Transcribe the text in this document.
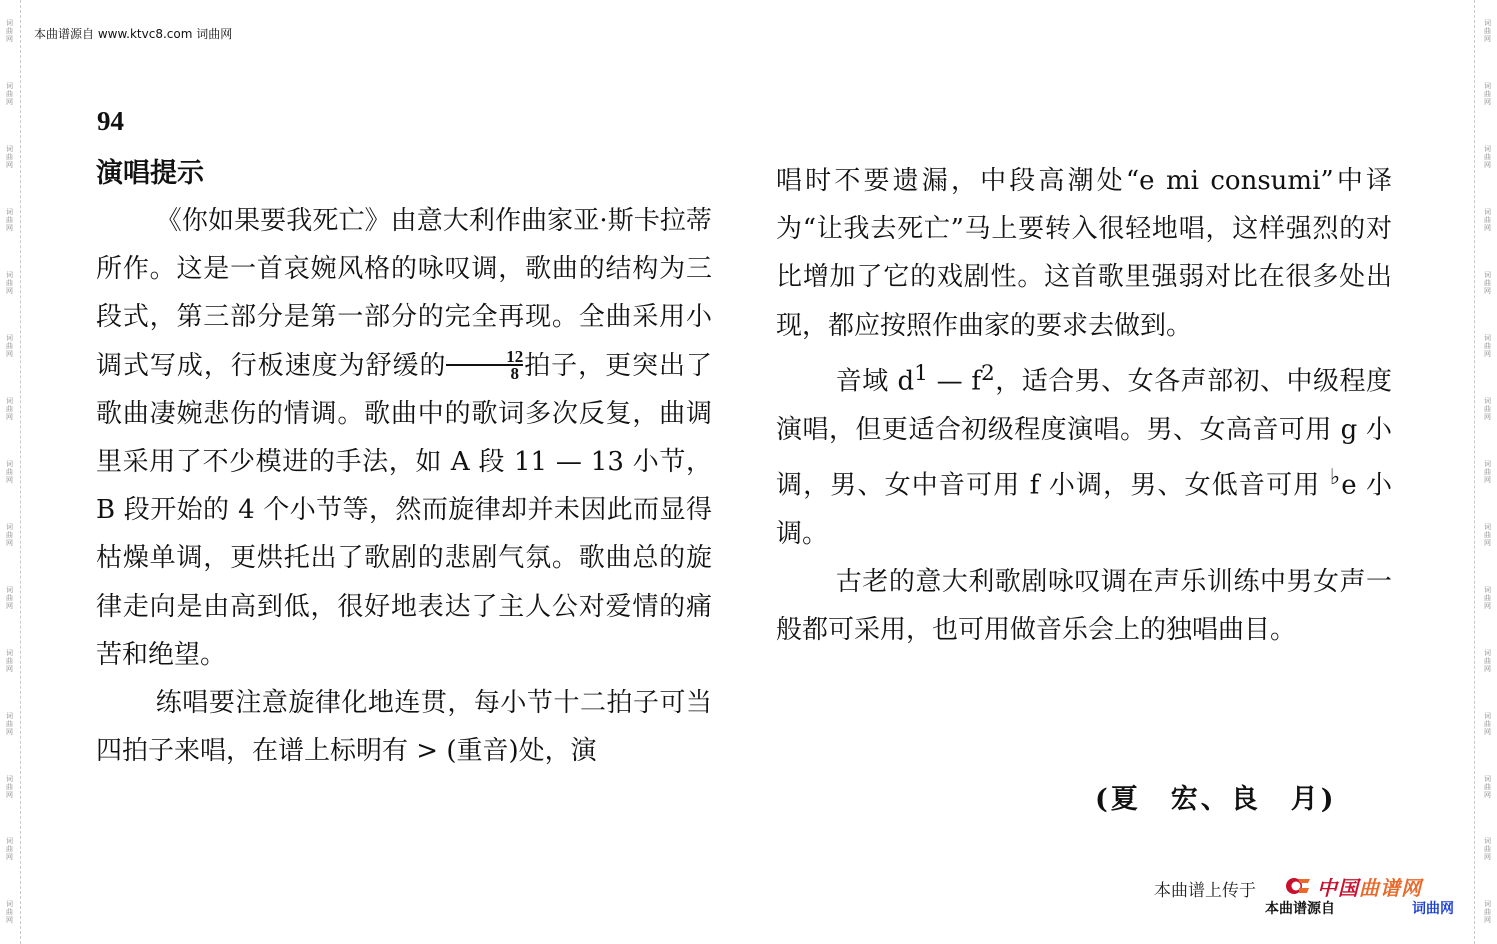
词曲网
词曲网
词曲网
词曲网
词曲网
词曲网
词曲网
词曲网
词曲网
词曲网
词曲网
词曲网
词曲网
词曲网
词曲网
词曲网
词曲网
词曲网
词曲网
词曲网
词曲网
词曲网
词曲网
词曲网
词曲网
词曲网
词曲网
词曲网
词曲网
词曲网
本曲谱源自 www.ktvc8.com 词曲网
94
演唱提示

《你如果要我死亡》由意大利作曲家亚·斯卡拉蒂所作。这是一首哀婉风格的咏叹调，歌曲的结构为三段式，第三部分是第一部分的完全再现。全曲采用小调式写成，行板速度为舒缓的 $\frac{12}{8}$ 拍子，更突出了歌曲凄婉悲伤的情调。歌曲中的歌词多次反复，曲调里采用了不少模进的手法，如 A 段 11 — 13 小节，B 段开始的 4 个小节等，然而旋律却并未因此而显得枯燥单调，更烘托出了歌剧的悲剧气氛。歌曲总的旋律走向是由高到低，很好地表达了主人公对爱情的痛苦和绝望。

练唱要注意旋律化地连贯，每小节十二拍子可当四拍子来唱，在谱上标明有 > (重音)处，演

唱时不要遗漏，中段高潮处“e mi consumi”中译为“让我去死亡”马上要转入很轻地唱，这样强烈的对比增加了它的戏剧性。这首歌里强弱对比在很多处出现，都应按照作曲家的要求去做到。

音域 $d^1$ — $f^2$，适合男、女各声部初、中级程度演唱，但更适合初级程度演唱。男、女高音可用 g 小调，男、女中音可用 f 小调，男、女低音可用 ♭e 小调。

古老的意大利歌剧咏叹调在声乐训练中男女声一般都可采用，也可用做音乐会上的独唱曲目。

(夏　宏、良　月)
本曲谱上传于	中国曲谱网
本曲谱源自	词曲网
